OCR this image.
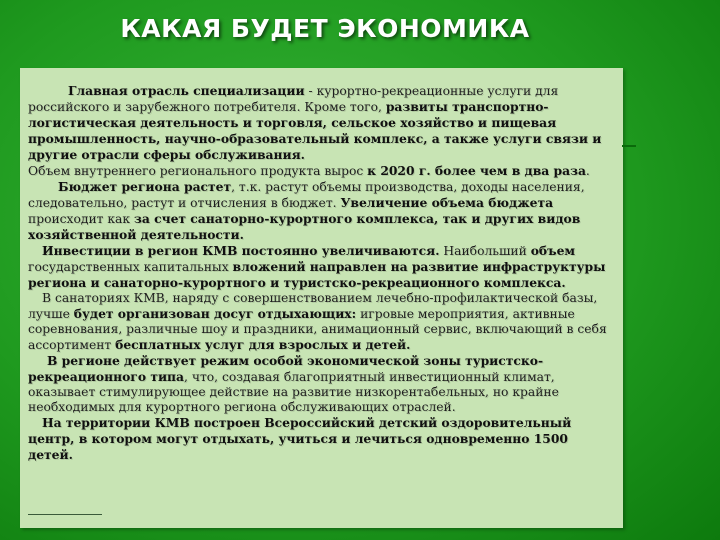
КАКАЯ БУДЕТ ЭКОНОМИКА

Главная отрасль специализации - курортно-рекреационные услуги для российского и зарубежного потребителя. Кроме того, развиты транспортно-логистическая деятельность и торговля, сельское хозяйство и пищевая промышленность, научно-образовательный комплекс, а также услуги связи и другие отрасли сферы обслуживания.

Объем внутреннего регионального продукта вырос к 2020 г. более чем в два раза.

Бюджет региона растет, т.к. растут объемы производства, доходы населения, следовательно, растут и отчисления в бюджет. Увеличение объема бюджета происходит как за счет санаторно-курортного комплекса, так и других видов хозяйственной деятельности.

Инвестиции в регион КМВ постоянно увеличиваются. Наибольший объем государственных капитальных вложений направлен на развитие инфраструктуры региона и санаторно-курортного и туристско-рекреационного комплекса.

В санаториях КМВ, наряду с совершенствованием лечебно-профилактической базы, лучше будет организован досуг отдыхающих: игровые мероприятия, активные соревнования, различные шоу и праздники, анимационный сервис, включающий в себя ассортимент бесплатных услуг для взрослых и детей.

В регионе действует режим особой экономической зоны туристско-рекреационного типа, что, создавая благоприятный инвестиционный климат, оказывает стимулирующее действие на развитие низкорентабельных, но крайне необходимых для курортного региона обслуживающих отраслей.

На территории КМВ построен Всероссийский детский оздоровительный центр, в котором могут отдыхать, учиться и лечиться одновременно 1500 детей.
